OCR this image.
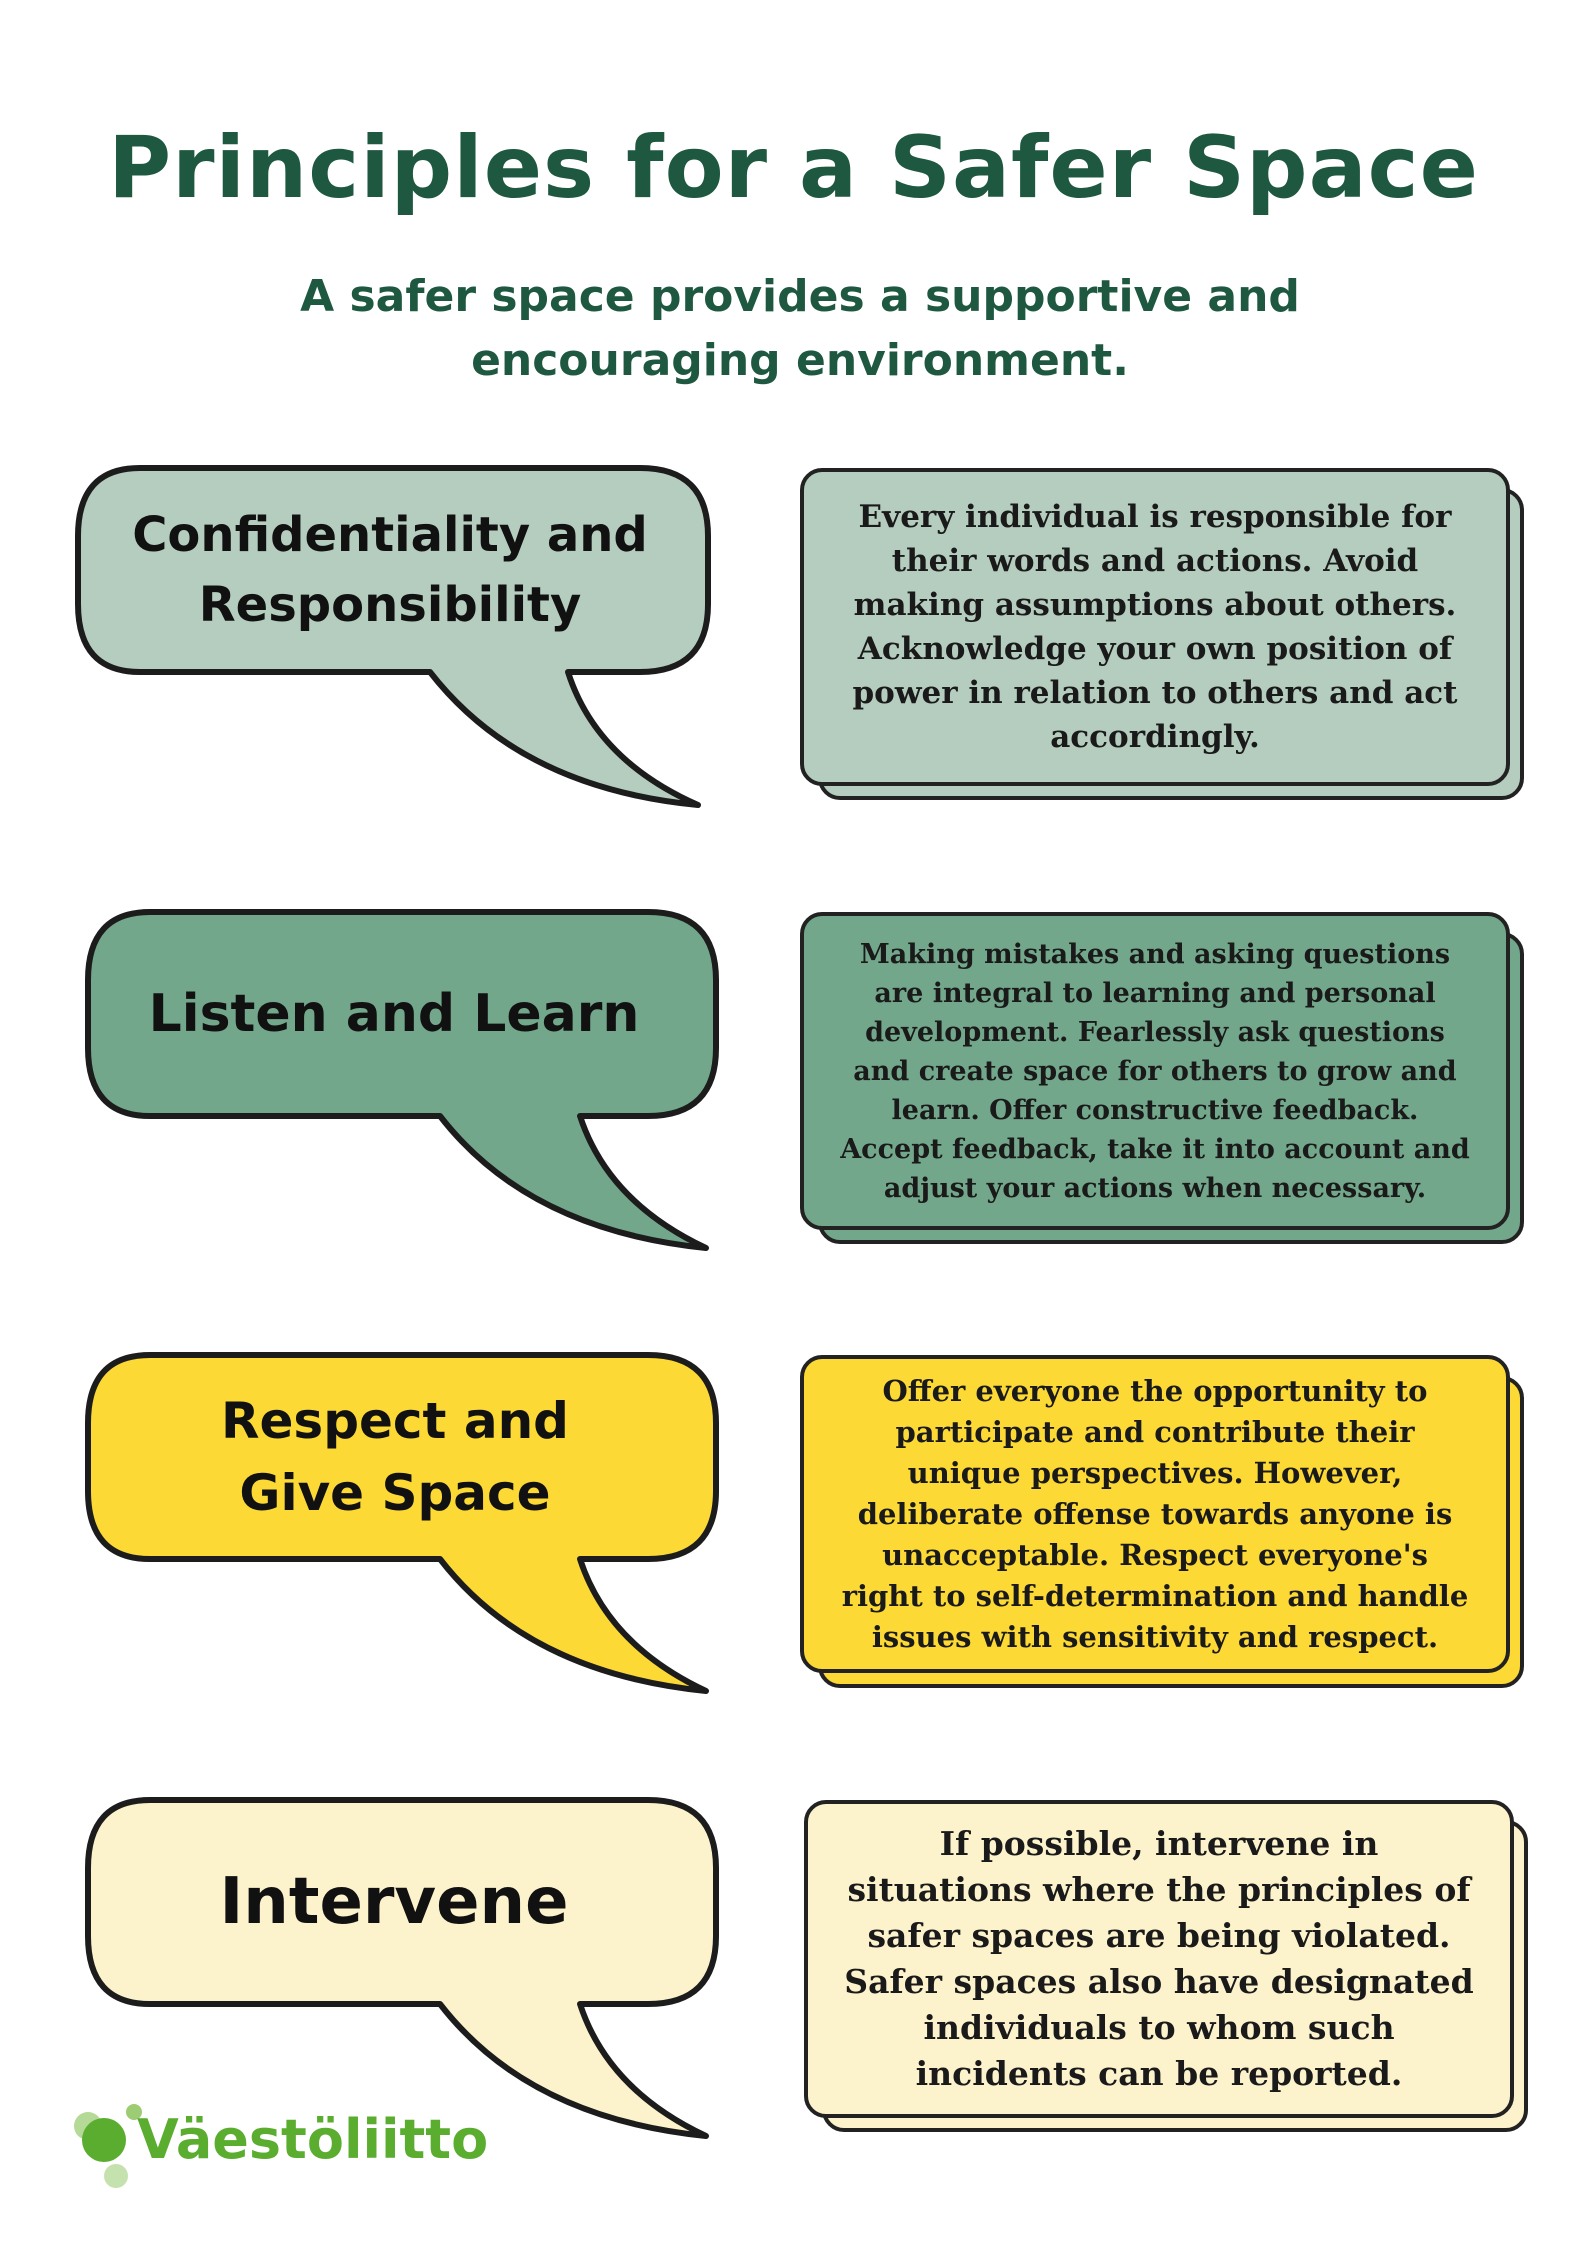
Principles for a Safer Space

A safer space provides a supportive and encouraging environment.

Confidentiality and Responsibility
Listen and Learn
Respect and Give Space
Intervene
Every individual is responsible for their words and actions. Avoid making assumptions about others. Acknowledge your own position of power in relation to others and act accordingly.
Making mistakes and asking questions are integral to learning and personal development. Fearlessly ask questions and create space for others to grow and learn. Offer constructive feedback. Accept feedback, take it into account and adjust your actions when necessary.
Offer everyone the opportunity to participate and contribute their unique perspectives. However, deliberate offense towards anyone is unacceptable. Respect everyone's right to self-determination and handle issues with sensitivity and respect.
If possible, intervene in situations where the principles of safer spaces are being violated. Safer spaces also have designated individuals to whom such incidents can be reported.
Väestöliitto
